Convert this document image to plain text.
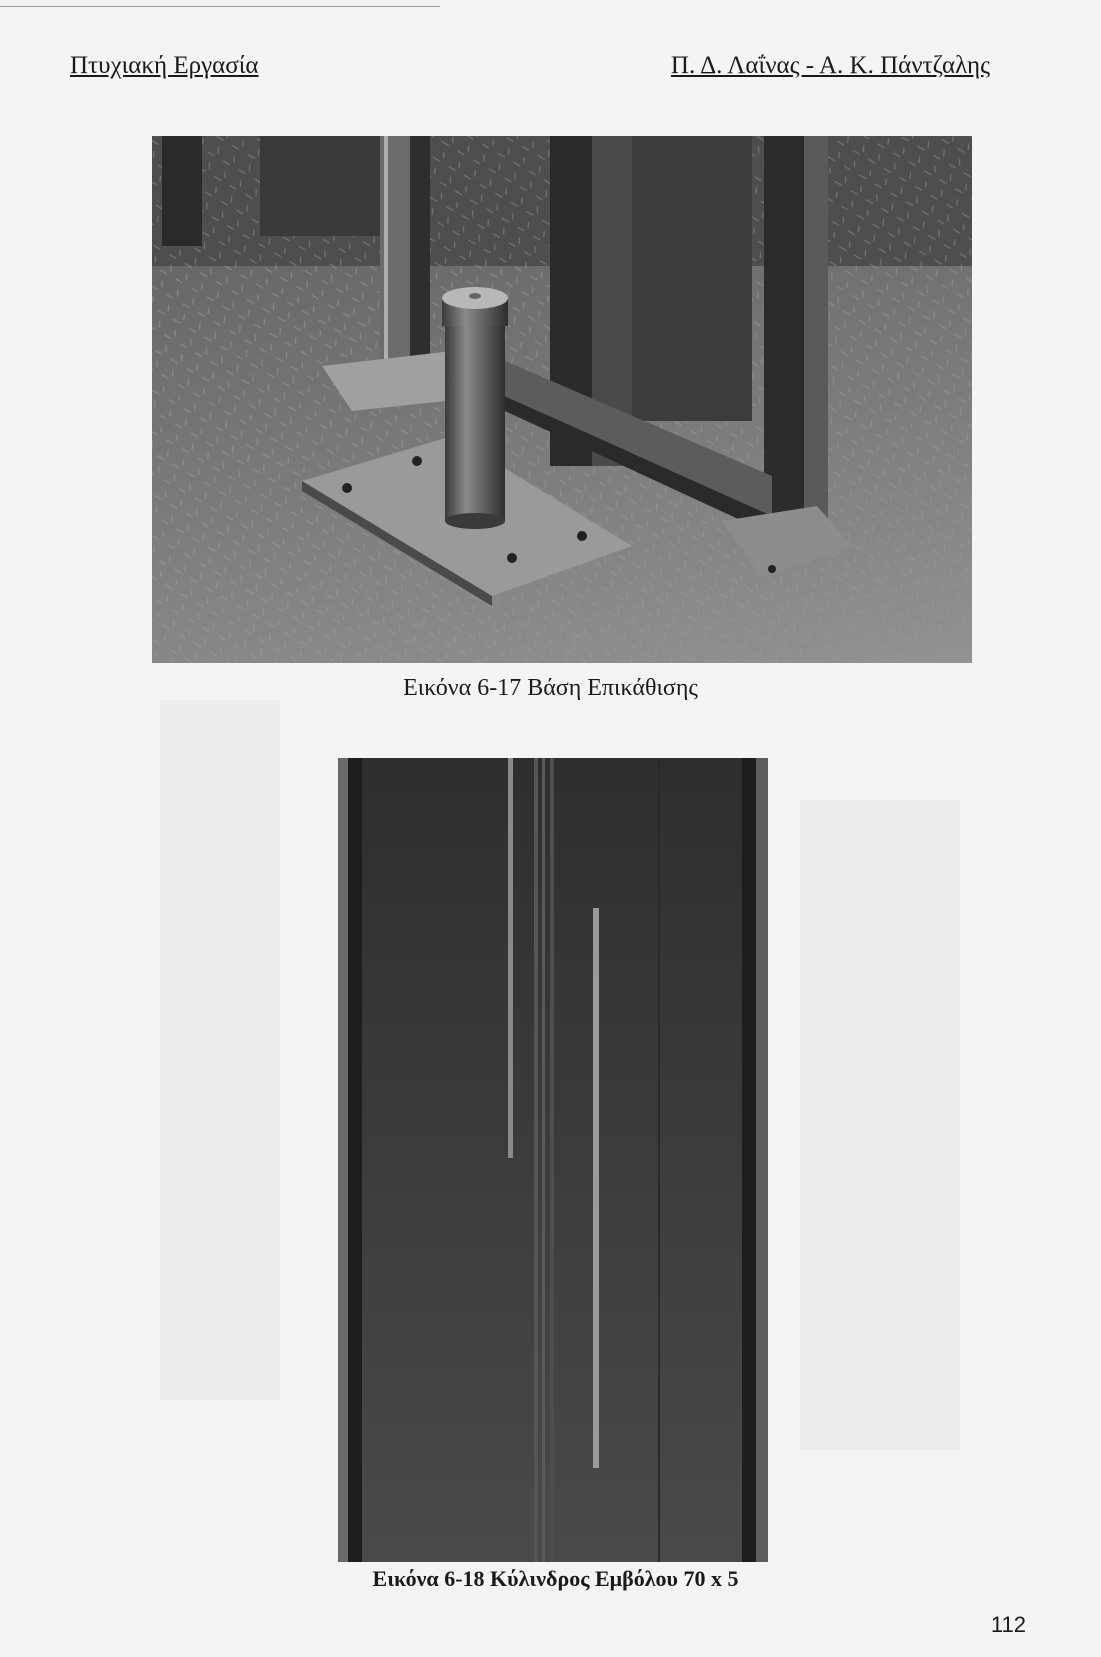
Πτυχιακή Εργασία	Π. Δ. Λαΐνας - Α. Κ. Πάντζαλης
Εικόνα 6-17 Βάση Επικάθισης
Εικόνα 6-18 Κύλινδρος Εμβόλου 70 x 5
112
